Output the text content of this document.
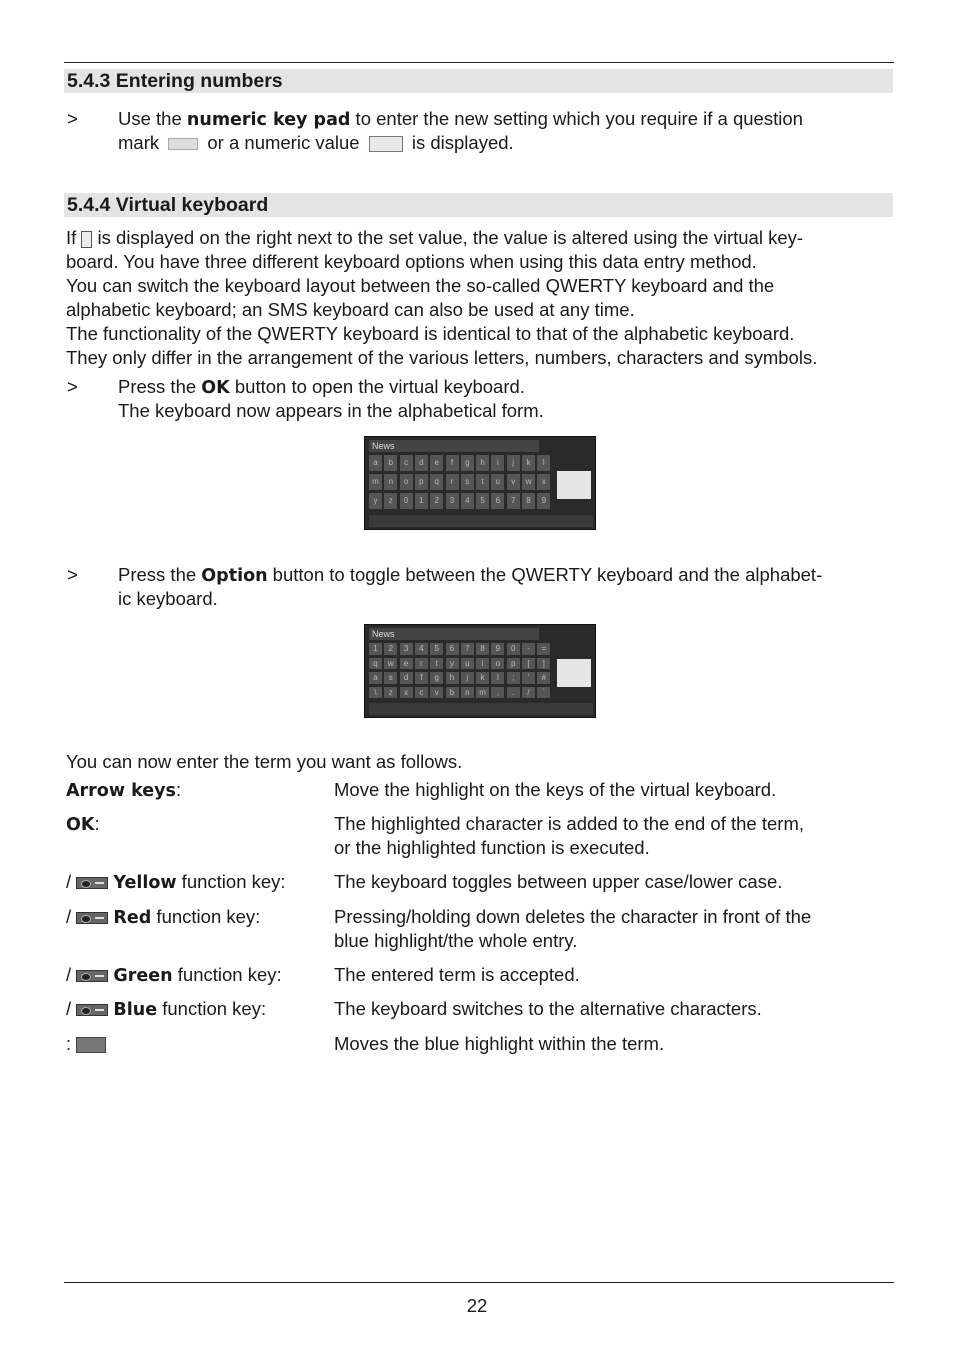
5.4.3 Entering numbers
> Use the numeric key pad to enter the new setting which you require if a question
mark  or a numeric value	is displayed.
5.4.4 Virtual keyboard
If  is displayed on the right next to the set value, the value is altered using the virtual key-
board. You have three different keyboard options when using this data entry method.
You can switch the keyboard layout between the so-called QWERTY keyboard and the
alphabetic keyboard; an SMS keyboard can also be used at any time.
The functionality of the QWERTY keyboard is identical to that of the alphabetic keyboard.
They only differ in the arrangement of the various letters, numbers, characters and symbols.
> Press the OK button to open the virtual keyboard.
The keyboard now appears in the alphabetical form.
News
a	b	c	d	e	f	g	h	i	j	k	l
m	n	o	p	q	r	s	t	u	v	w	x
y	z	0	1	2	3	4	5	6	7	8	9
> Press the Option button to toggle between the QWERTY keyboard and the alphabet-
ic keyboard.
News
1	2	3	4	5	6	7	8	9	0	-	=
q	w	e	r	t	y	u	i	o	p	[	]
a	s	d	f	g	h	j	k	l	;	'	#
\	z	x	c	v	b	n	m	,	.	/	`
You can now enter the term you want as follows.
Arrow keys:	Move the highlight on the keys of the virtual keyboard.
OK:	The highlighted character is added to the end of the term,
or the highlighted function is executed.
/  Yellow function key:	The keyboard toggles between upper case/lower case.
/  Red function key:	Pressing/holding down deletes the character in front of the
blue highlight/the whole entry.
/  Green function key:	The entered term is accepted.
/  Blue function key:	The keyboard switches to the alternative characters.
:	Moves the blue highlight within the term.
22
